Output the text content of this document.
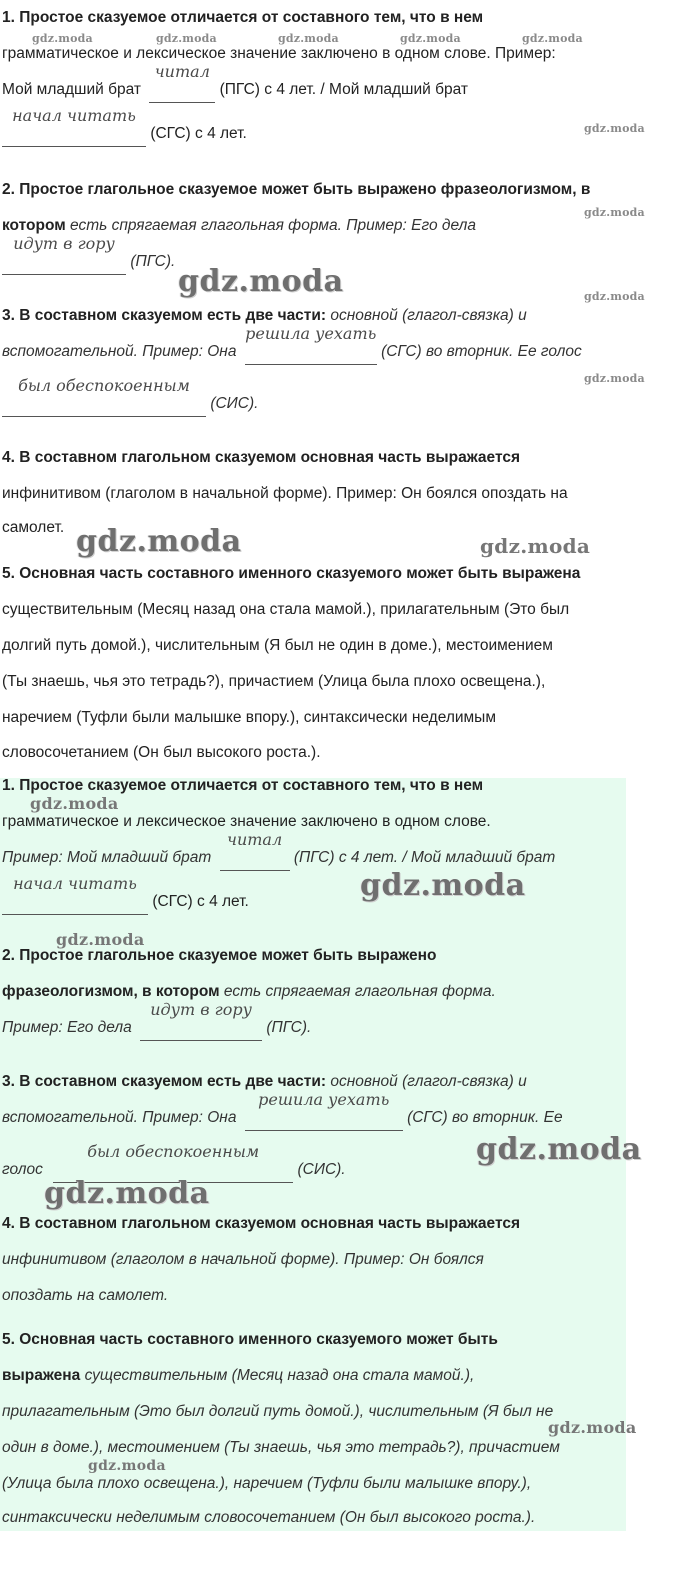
1. Простое сказуемое отличается от составного тем, что в нем
грамматическое и лексическое значение заключено в одном слове. Пример:
Мой младший брат
читал
(ПГС) с 4 лет. / Мой младший брат
начал читать
(СГС) с 4 лет.
2. Простое глагольное сказуемое может быть выражено фразеологизмом, в
котором есть спрягаемая глагольная форма. Пример: Его дела
идут в гору
(ПГС).
3. В составном сказуемом есть две части: основной (глагол-связка) и
вспомогательной. Пример: Она
решила уехать
(СГС) во вторник. Ее голос
был обеспокоенным
(СИС).
4. В составном глагольном сказуемом основная часть выражается
инфинитивом (глаголом в начальной форме). Пример: Он боялся опоздать на
самолет.
5. Основная часть составного именного сказуемого может быть выражена
существительным (Месяц назад она стала мамой.), прилагательным (Это был
долгий путь домой.), числительным (Я был не один в доме.), местоимением
(Ты знаешь, чья это тетрадь?), причастием (Улица была плохо освещена.),
наречием (Туфли были малышке впору.), синтаксически неделимым
словосочетанием (Он был высокого роста.).
gdz.moda	gdz.moda	gdz.moda	gdz.moda	gdz.moda
gdz.moda
gdz.moda
gdz.moda
gdz.moda
gdz.moda
gdz.moda	gdz.moda
1. Простое сказуемое отличается от составного тем, что в нем
грамматическое и лексическое значение заключено в одном слове.
Пример: Мой младший брат
читал
(ПГС) с 4 лет. / Мой младший брат
начал читать
(СГС) с 4 лет.
2. Простое глагольное сказуемое может быть выражено
фразеологизмом, в котором есть спрягаемая глагольная форма.
Пример: Его дела
идут в гору
(ПГС).
3. В составном сказуемом есть две части: основной (глагол-связка) и
вспомогательной. Пример: Она
решила уехать
(СГС) во вторник. Ее
голос
был обеспокоенным
(СИС).
4. В составном глагольном сказуемом основная часть выражается
инфинитивом (глаголом в начальной форме). Пример: Он боялся
опоздать на самолет.
5. Основная часть составного именного сказуемого может быть
выражена существительным (Месяц назад она стала мамой.),
прилагательным (Это был долгий путь домой.), числительным (Я был не
один в доме.), местоимением (Ты знаешь, чья это тетрадь?), причастием
(Улица была плохо освещена.), наречием (Туфли были малышке впору.),
синтаксически неделимым словосочетанием (Он был высокого роста.).
gdz.moda
gdz.moda
gdz.moda
gdz.moda
gdz.moda
gdz.moda
gdz.moda
